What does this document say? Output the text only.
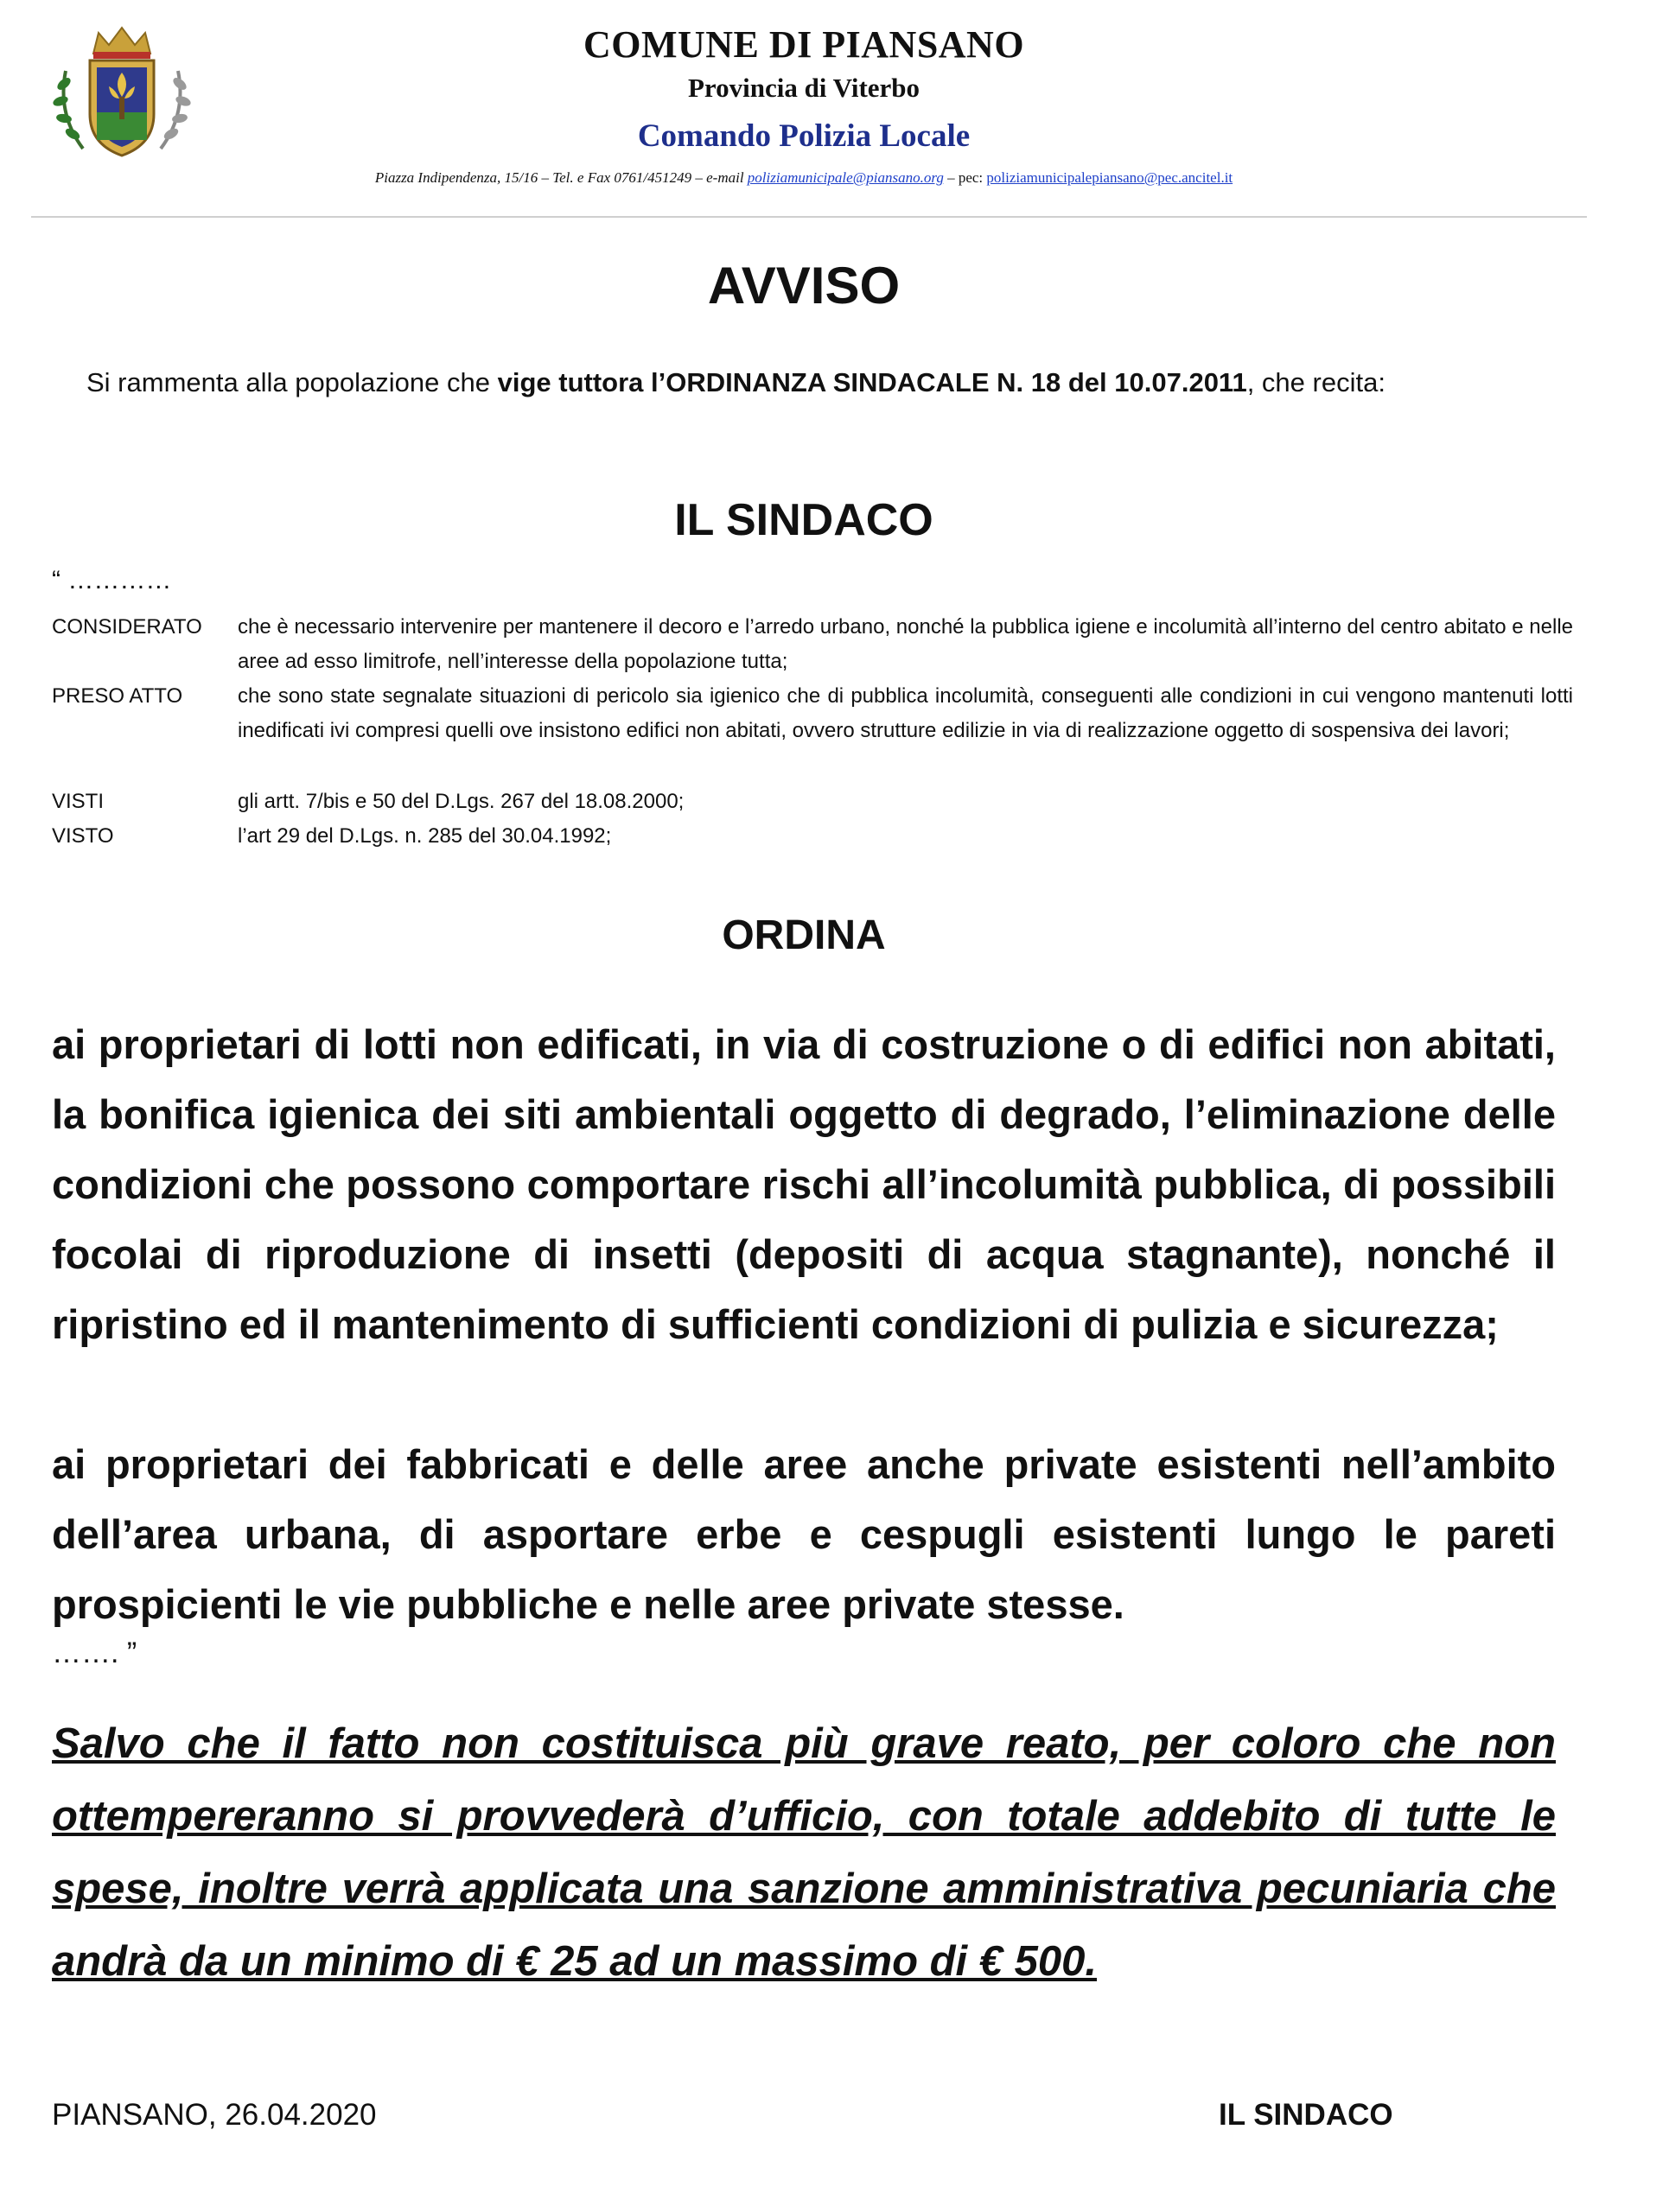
COMUNE DI PIANSANO
Provincia di Viterbo
Comando Polizia Locale
Piazza Indipendenza, 15/16 – Tel. e Fax 0761/451249 – e-mail poliziamunicipale@piansano.org – pec: poliziamunicipalepiansano@pec.ancitel.it
AVVISO
Si rammenta alla popolazione che vige tuttora l’ORDINANZA SINDACALE N. 18 del 10.07.2011, che recita:
IL SINDACO
“ …………
CONSIDERATO	che è necessario intervenire per mantenere il decoro e l’arredo urbano, nonché la pubblica igiene e incolumità all’interno del centro abitato e nelle aree ad esso limitrofe, nell’interesse della popolazione tutta;
PRESO ATTO	che sono state segnalate situazioni di pericolo sia igienico che di pubblica incolumità, conseguenti alle condizioni in cui vengono mantenuti lotti inedificati ivi compresi quelli ove insistono edifici non abitati, ovvero strutture edilizie in via di realizzazione oggetto di sospensiva dei lavori;
VISTI	gli artt. 7/bis e 50 del D.Lgs. 267 del 18.08.2000;
VISTO	l’art 29 del D.Lgs. n. 285 del 30.04.1992;
ORDINA
ai proprietari di lotti non edificati, in via di costruzione o di edifici non abitati, la bonifica igienica dei siti ambientali oggetto di degrado, l’eliminazione delle condizioni che possono comportare rischi all’incolumità pubblica, di possibili focolai di riproduzione di insetti (depositi di acqua stagnante), nonché il ripristino ed il mantenimento di sufficienti condizioni di pulizia e sicurezza;
ai proprietari dei fabbricati e delle aree anche private esistenti nell’ambito dell’area urbana, di asportare erbe e cespugli esistenti lungo le pareti prospicienti le vie pubbliche e nelle aree private stesse.
……. ”
Salvo che il fatto non costituisca più grave reato, per coloro che non ottempereranno si provvederà d’ufficio, con totale addebito di tutte le spese, inoltre verrà applicata una sanzione amministrativa pecuniaria che andrà da un minimo di € 25 ad un massimo di € 500.
PIANSANO, 26.04.2020	IL SINDACO
